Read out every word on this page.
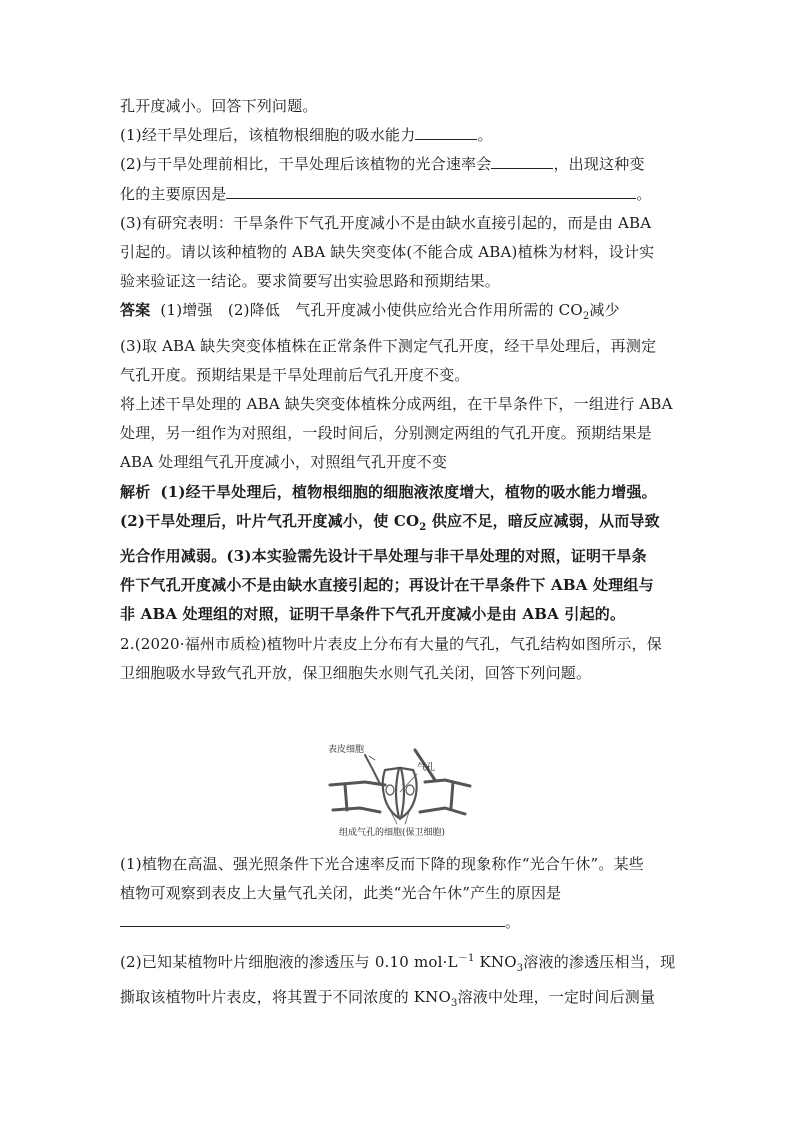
孔开度减小。回答下列问题。
(1)经干旱处理后，该植物根细胞的吸水能力	。
(2)与干旱处理前相比，干旱处理后该植物的光合速率会	，出现这种变
化的主要原因是	。
(3)有研究表明：干旱条件下气孔开度减小不是由缺水直接引起的，而是由 ABA
引起的。请以该种植物的 ABA 缺失突变体(不能合成 ABA)植株为材料，设计实
验来验证这一结论。要求简要写出实验思路和预期结果。
答案 (1)增强　(2)降低　气孔开度减小使供应给光合作用所需的 $CO_2$减少
(3)取 ABA 缺失突变体植株在正常条件下测定气孔开度，经干旱处理后，再测定
气孔开度。预期结果是干旱处理前后气孔开度不变。
将上述干旱处理的 ABA 缺失突变体植株分成两组，在干旱条件下，一组进行 ABA
处理，另一组作为对照组，一段时间后，分别测定两组的气孔开度。预期结果是
ABA 处理组气孔开度减小，对照组气孔开度不变
解析 (1)经干旱处理后，植物根细胞的细胞液浓度增大，植物的吸水能力增强。
(2)干旱处理后，叶片气孔开度减小，使 $CO_2$ 供应不足，暗反应减弱，从而导致
光合作用减弱。(3)本实验需先设计干旱处理与非干旱处理的对照，证明干旱条
件下气孔开度减小不是由缺水直接引起的；再设计在干旱条件下 ABA 处理组与
非 ABA 处理组的对照，证明干旱条件下气孔开度减小是由 ABA 引起的。
2.(2020·福州市质检)植物叶片表皮上分布有大量的气孔，气孔结构如图所示，保
卫细胞吸水导致气孔开放，保卫细胞失水则气孔关闭，回答下列问题。
表皮细胞
气孔
组成气孔的细胞(保卫细胞)
(1)植物在高温、强光照条件下光合速率反而下降的现象称作“光合午休”。某些
植物可观察到表皮上大量气孔关闭，此类“光合午休”产生的原因是
。
(2)已知某植物叶片细胞液的渗透压与 0.10 $mol\cdot L^{-1}$ $KNO_3$溶液的渗透压相当，现
撕取该植物叶片表皮，将其置于不同浓度的 $KNO_3$溶液中处理，一定时间后测量
